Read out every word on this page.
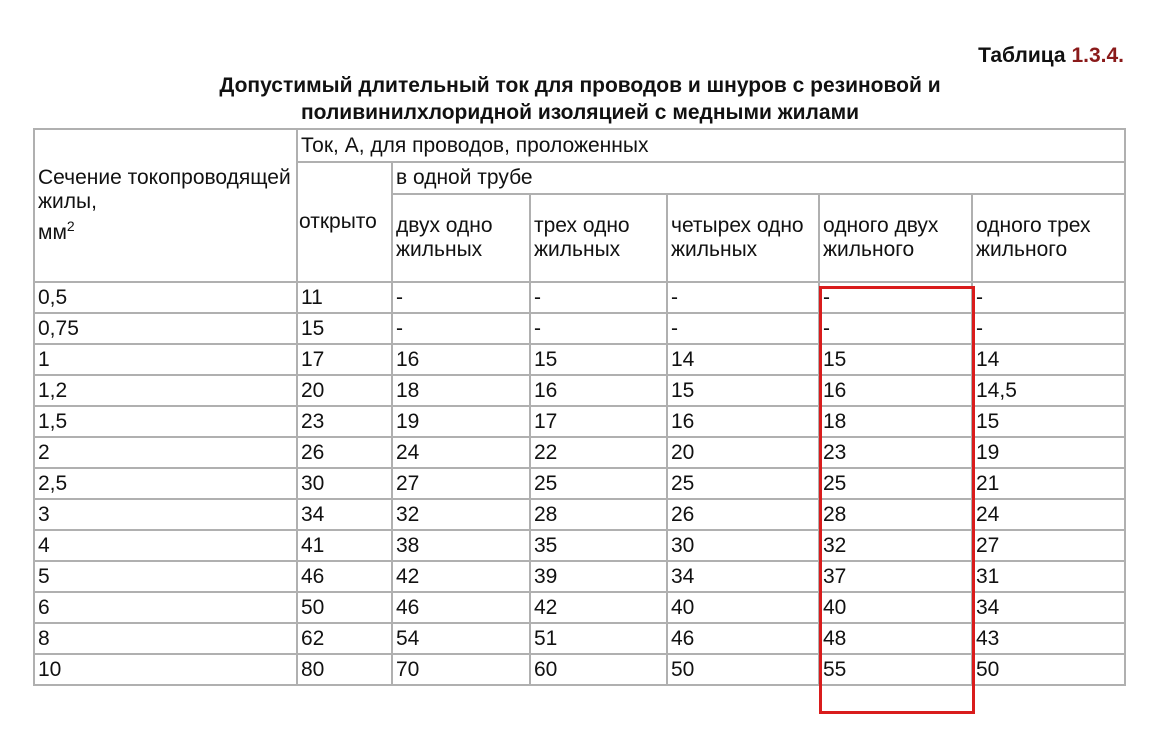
Таблица 1.3.4.
Допустимый длительный ток для проводов и шнуров с резиновой и
поливинилхлоридной изоляцией с медными жилами
Сечение токопроводящей жилы,
$мм^2$	Ток, А, для проводов, проложенных					
	открыто	в одной трубе				
		двух одно жильных	трех одно жильных	четырех одно жильных	одного двух жильного	одного трех жильного
0,5	11	-	-	-	-	-
0,75	15	-	-	-	-	-
1	17	16	15	14	15	14
1,2	20	18	16	15	16	14,5
1,5	23	19	17	16	18	15
2	26	24	22	20	23	19
2,5	30	27	25	25	25	21
3	34	32	28	26	28	24
4	41	38	35	30	32	27
5	46	42	39	34	37	31
6	50	46	42	40	40	34
8	62	54	51	46	48	43
10	80	70	60	50	55	50
